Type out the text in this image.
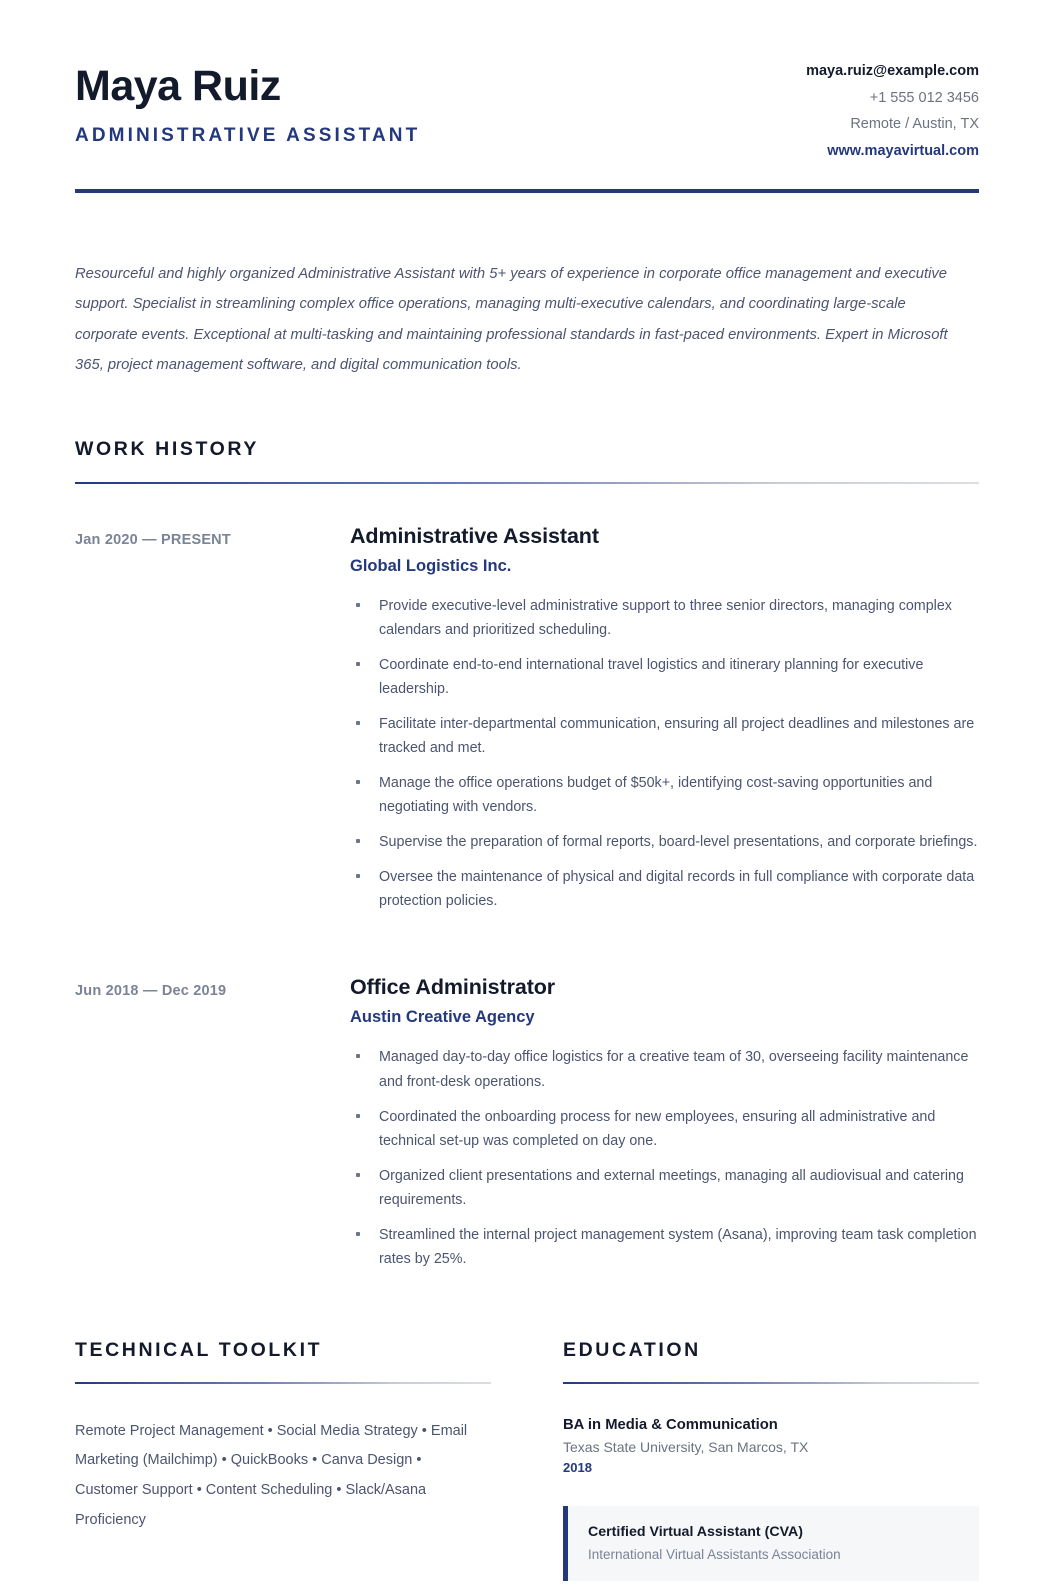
Maya Ruiz
ADMINISTRATIVE ASSISTANT
maya.ruiz@example.com
+1 555 012 3456
Remote / Austin, TX
www.mayavirtual.com
Resourceful and highly organized Administrative Assistant with 5+ years of experience in corporate office management and executive support. Specialist in streamlining complex office operations, managing multi-executive calendars, and coordinating large-scale corporate events. Exceptional at multi-tasking and maintaining professional standards in fast-paced environments. Expert in Microsoft 365, project management software, and digital communication tools.
WORK HISTORY
Jan 2020 — PRESENT	Administrative Assistant
Global Logistics Inc.
Provide executive-level administrative support to three senior directors, managing complex calendars and prioritized scheduling.
Coordinate end-to-end international travel logistics and itinerary planning for executive leadership.
Facilitate inter-departmental communication, ensuring all project deadlines and milestones are tracked and met.
Manage the office operations budget of $50k+, identifying cost-saving opportunities and negotiating with vendors.
Supervise the preparation of formal reports, board-level presentations, and corporate briefings.
Oversee the maintenance of physical and digital records in full compliance with corporate data protection policies.
Jun 2018 — Dec 2019	Office Administrator
Austin Creative Agency
Managed day-to-day office logistics for a creative team of 30, overseeing facility maintenance and front-desk operations.
Coordinated the onboarding process for new employees, ensuring all administrative and technical set-up was completed on day one.
Organized client presentations and external meetings, managing all audiovisual and catering requirements.
Streamlined the internal project management system (Asana), improving team task completion rates by 25%.
TECHNICAL TOOLKIT
Remote Project Management • Social Media Strategy • Email Marketing (Mailchimp) • QuickBooks • Canva Design • Customer Support • Content Scheduling • Slack/Asana Proficiency
EDUCATION
BA in Media & Communication
Texas State University, San Marcos, TX
2018
Certified Virtual Assistant (CVA)
International Virtual Assistants Association
